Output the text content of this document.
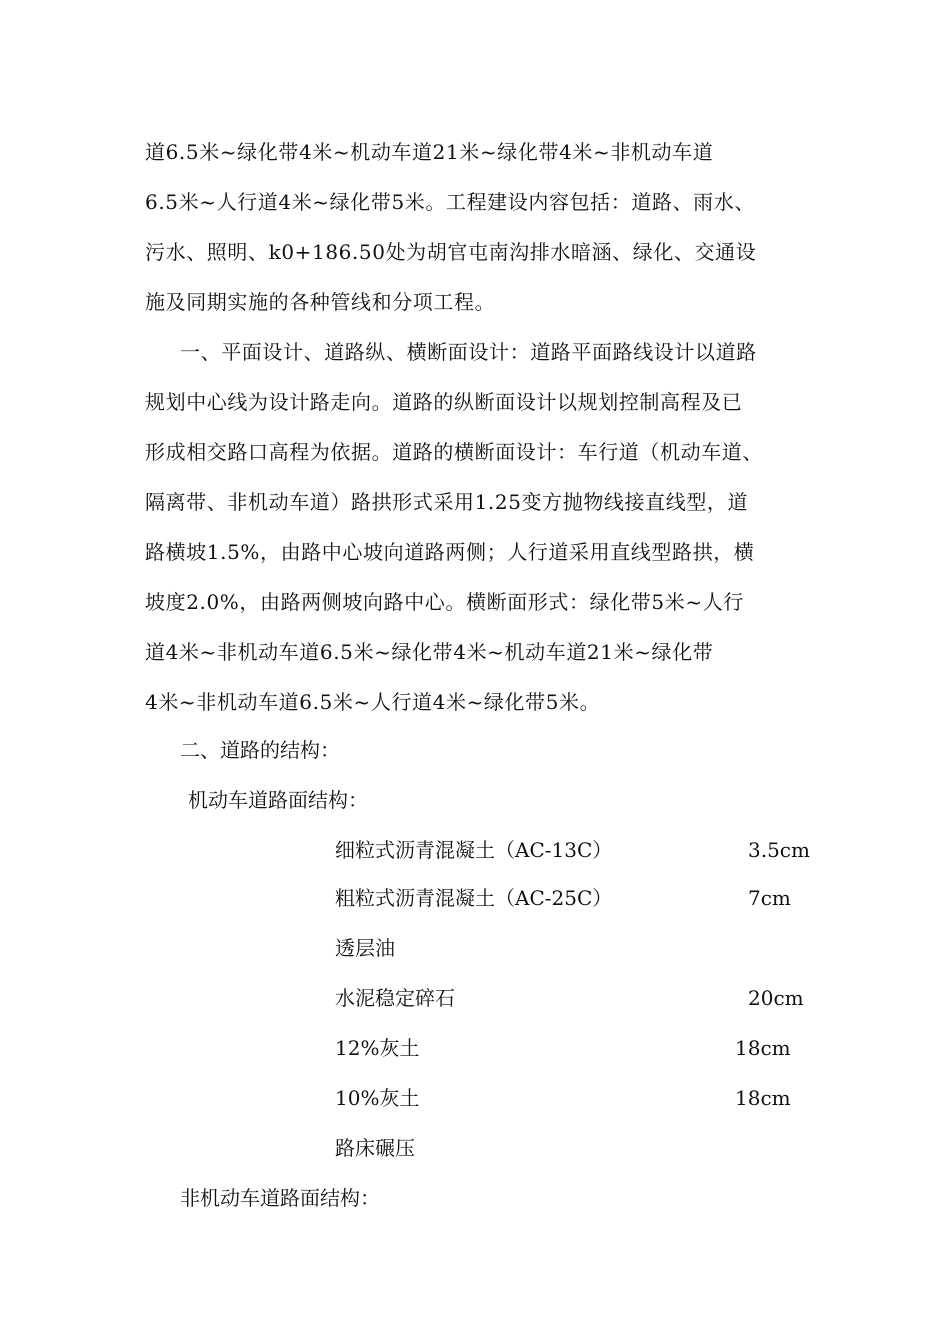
道6.5米~绿化带4米~机动车道21米~绿化带4米~非机动车道
6.5米~人行道4米~绿化带5米。工程建设内容包括：道路、雨水、
污水、照明、k0+186.50处为胡官屯南沟排水暗涵、绿化、交通设
施及同期实施的各种管线和分项工程。
一、平面设计、道路纵、横断面设计：道路平面路线设计以道路
规划中心线为设计路走向。道路的纵断面设计以规划控制高程及已
形成相交路口高程为依据。道路的横断面设计：车行道（机动车道、
隔离带、非机动车道）路拱形式采用1.25变方抛物线接直线型，道
路横坡1.5%，由路中心坡向道路两侧；人行道采用直线型路拱，横
坡度2.0%，由路两侧坡向路中心。横断面形式：绿化带5米~人行
道4米~非机动车道6.5米~绿化带4米~机动车道21米~绿化带
4米~非机动车道6.5米~人行道4米~绿化带5米。
二、道路的结构：
机动车道路面结构：
细粒式沥青混凝土（AC-13C）	3.5cm
粗粒式沥青混凝土（AC-25C）	7cm
透层油
水泥稳定碎石	20cm
12%灰土	18cm
10%灰土	18cm
路床碾压
非机动车道路面结构：
